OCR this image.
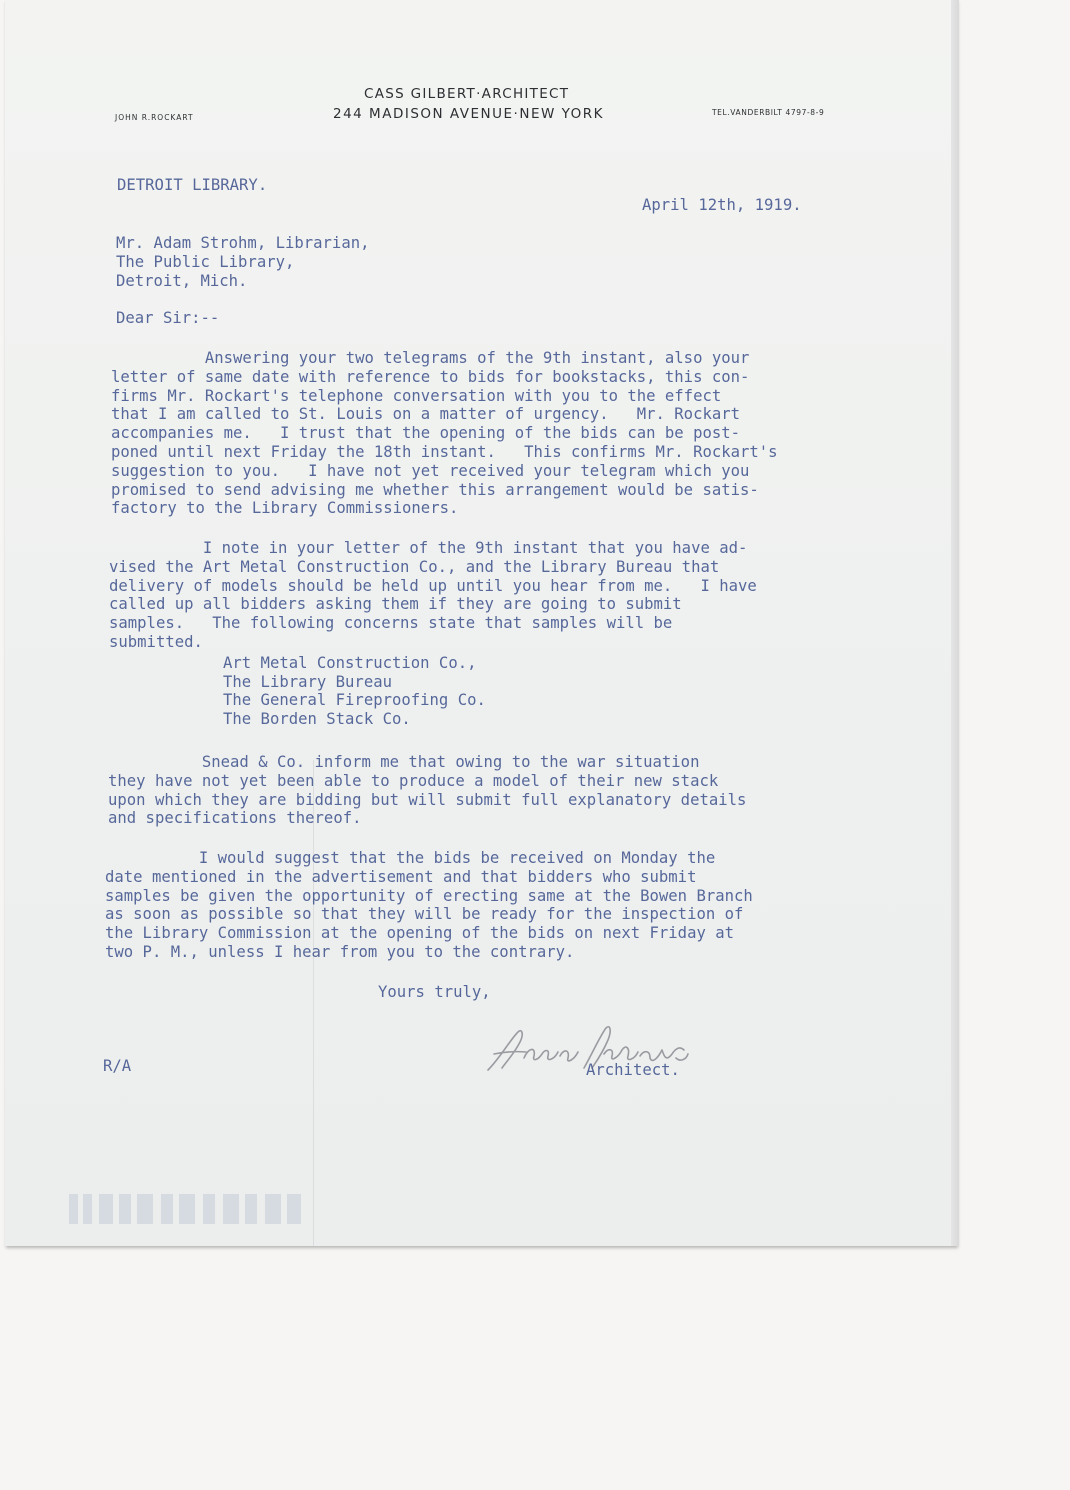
CASS GILBERT·ARCHITECT
244 MADISON AVENUE·NEW YORK
JOHN R.ROCKART
TEL.VANDERBILT 4797-8-9
DETROIT LIBRARY.
April 12th, 1919.
Mr. Adam Strohm, Librarian,
The Public Library,
Detroit, Mich.
Dear Sir:--
Answering your two telegrams of the 9th instant, also your
letter of same date with reference to bids for bookstacks, this con-
firms Mr. Rockart's telephone conversation with you to the effect
that I am called to St. Louis on a matter of urgency.   Mr. Rockart
accompanies me.   I trust that the opening of the bids can be post-
poned until next Friday the 18th instant.   This confirms Mr. Rockart's
suggestion to you.   I have not yet received your telegram which you
promised to send advising me whether this arrangement would be satis-
factory to the Library Commissioners.
I note in your letter of the 9th instant that you have ad-
vised the Art Metal Construction Co., and the Library Bureau that
delivery of models should be held up until you hear from me.   I have
called up all bidders asking them if they are going to submit
samples.   The following concerns state that samples will be
submitted.
Art Metal Construction Co.,
The Library Bureau
The General Fireproofing Co.
The Borden Stack Co.
Snead & Co. inform me that owing to the war situation
they have not yet been able to produce a model of their new stack
upon which they are bidding but will submit full explanatory details
and specifications thereof.
I would suggest that the bids be received on Monday the
date mentioned in the advertisement and that bidders who submit
samples be given the opportunity of erecting same at the Bowen Branch
as soon as possible so that they will be ready for the inspection of
the Library Commission at the opening of the bids on next Friday at
two P. M., unless I hear from you to the contrary.
Yours truly,
Architect.
R/A
